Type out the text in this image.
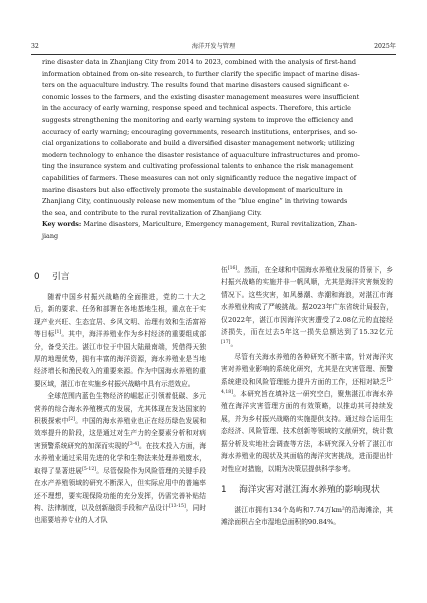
32	海洋开发与管理	2025年

rine disaster data in Zhanjiang City from 2014 to 2023, combined with the analysis of first-hand
information obtained from on-site research, to further clarify the specific impact of marine disas-
ters on the aquaculture industry. The results found that marine disasters caused significant e-
conomic losses to the farmers, and the existing disaster management measures were insufficient
in the accuracy of early warning, response speed and technical aspects. Therefore, this article
suggests strengthening the monitoring and early warning system to improve the efficiency and
accuracy of early warning; encouraging governments, research institutions, enterprises, and so-
cial organizations to collaborate and build a diversified disaster management network; utilizing
modern technology to enhance the disaster resistance of aquaculture infrastructures and promo-
ting the insurance system and cultivating professional talents to enhance the risk management
capabilities of farmers. These measures can not only significantly reduce the negative impact of
marine disasters but also effectively promote the sustainable development of mariculture in
Zhanjiang City, continuously release new momentum of the “blue engine” in thriving towards
the sea, and contribute to the rural revitalization of Zhanjiang City.

Key words: Marine disasters, Mariculture, Emergency management, Rural revitalization, Zhan-

jiang

0 引言

随着中国乡村振兴战略的全面推进，党的二十大之后，新的要求、任务和部署在各地基地生根，重点在于实现产业兴旺、生态宜居、乡风文明、治理有效和生活富裕等目标[1]。其中，海洋养殖业作为乡村经济的重要组成部分，备受关注。湛江市位于中国大陆最南端，凭借得天独厚的地理优势，拥有丰富的海洋资源，海水养殖业是当地经济增长和渔民收入的重要来源。作为中国海水养殖的重要区域，湛江市在实施乡村振兴战略中具有示范效应。

全球范围内蓝色生物经济的崛起正引领着低碳、多元营养的综合海水养殖模式的发展，尤其体现在发达国家的积极探索中[2]。中国的海水养殖业也正在经历绿色发展和效率提升的阶段，这是通过对生产力的全要素分析和对病害预警系统研究的加深而实现的[3-4]。在技术投入方面，海水养殖业通过采用先进的化学和生物法来处理养殖废水，取得了显著进展[5-12]。尽管保险作为风险管理的关键手段在水产养殖领域的研究不断深入，但实际应用中的普遍率还不理想，要实现保险功能的充分发挥，仍需完善补贴结构、法律制度，以及创新融资手段和产品设计[13-15]，同时也需要培养专业的人才队

伍[16]。然而，在全球和中国海水养殖业发展的背景下，乡村振兴战略的实施并非一帆风顺，尤其是海洋灾害频发的情况下。这些灾害，如风暴潮、赤潮和海浪，对湛江市海水养殖业构成了严峻挑战。据2023年广东省统计局报告，仅2022年，湛江市因海洋灾害遭受了2.08亿元的直接经济损失，而在过去5年这一损失总额达到了15.32亿元[17]。

尽管有关海水养殖的各种研究不断丰富，针对海洋灾害对养殖业影响的系统化研究，尤其是在灾害管理、预警系统建设和风险管理能力提升方面的工作，还相对缺乏[2-4,18]。本研究旨在填补这一研究空白，聚焦湛江市海水养殖在海洋灾害管理方面的有效策略，以推动其可持续发展，并为乡村振兴战略的实施提供支持。通过综合运用生态经济、风险管理、技术创新等领域的文献研究，统计数据分析及实地社会调查等方法，本研究深入分析了湛江市海水养殖业的现状及其面临的海洋灾害挑战，进而提出针对性应对措施，以期为决策层提供科学参考。

1 海洋灾害对湛江海水养殖的影响现状

湛江市拥有134个岛屿和7.74万km²的沿海滩涂，其滩涂面积占全市湿地总面积的90.84%。
